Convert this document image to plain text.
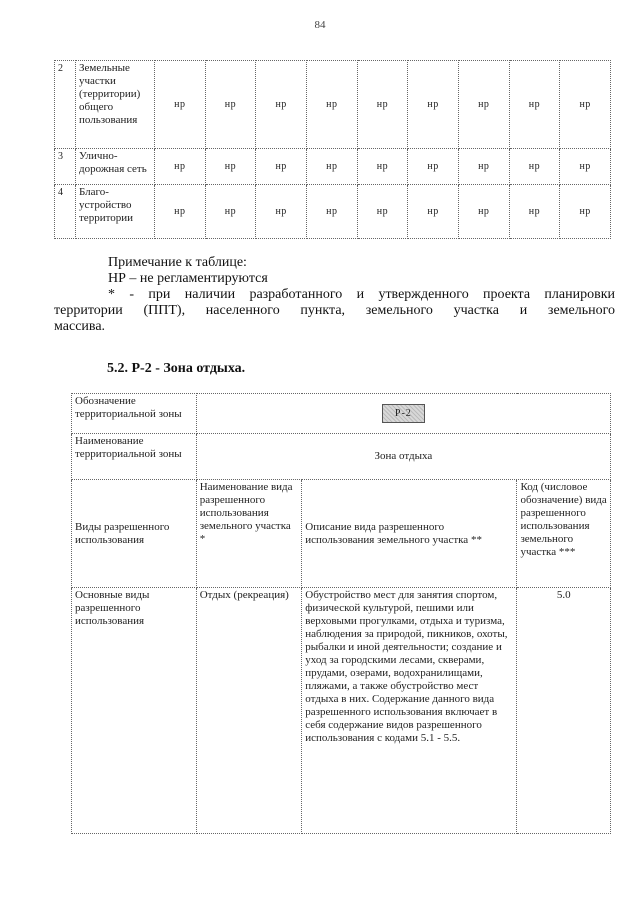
84
2	Земельные участки (территории) общего пользования	нр	нр	нр	нр	нр	нр	нр	нр	нр
3	Улично-дорожная сеть	нр	нр	нр	нр	нр	нр	нр	нр	нр
4	Благо-устройство территории	нр	нр	нр	нр	нр	нр	нр	нр	нр

Примечание к таблице:

НР – не регламентируются

* - при наличии разработанного и утвержденного проекта планировки

территории (ППТ), населенного пункта, земельного участка и земельного

массива.

5.2. Р-2 - Зона отдыха.
Обозначение территориальной зоны	Р-2		
Наименование территориальной зоны	Зона отдыха		
Виды разрешенного использования	Наименование вида разрешенного использования земельного участка *	Описание вида разрешенного использования земельного участка **	Код (числовое обозначение) вида разрешенного использования земельного участка ***
Основные виды разрешенного использования	Отдых (рекреация)	Обустройство мест для занятия спортом, физической культурой, пешими или верховыми прогулками, отдыха и туризма, наблюдения за природой, пикников, охоты, рыбалки и иной деятельности; создание и уход за городскими лесами, скверами, прудами, озерами, водохранилищами, пляжами, а также обустройство мест отдыха в них. Содержание данного вида разрешенного использования включает в себя содержание видов разрешенного использования с кодами 5.1 - 5.5.	5.0
